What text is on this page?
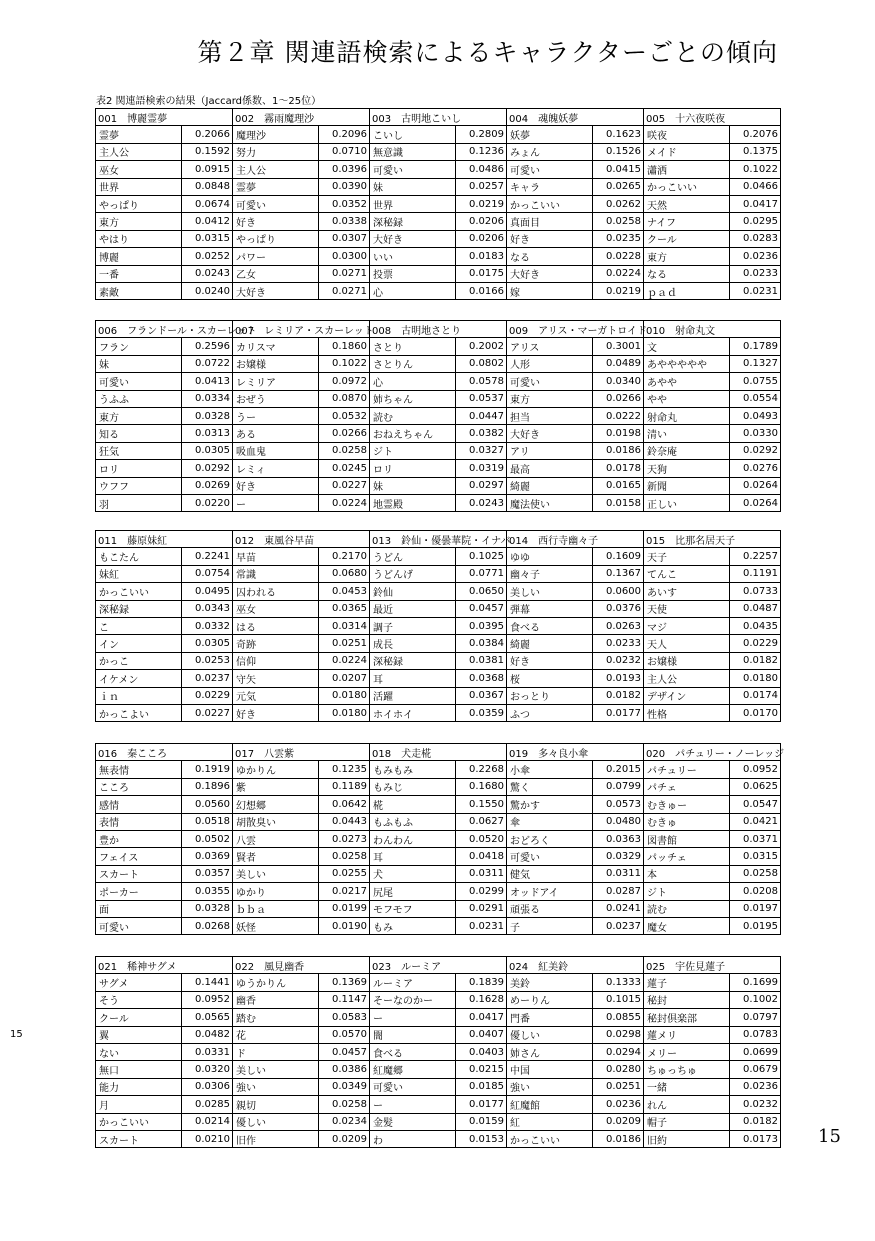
第２章 関連語検索によるキャラクターごとの傾向
表2 関連語検索の結果（Jaccard係数、1～25位）
001　博麗霊夢		002　霧雨魔理沙		003　古明地こいし		004　魂魄妖夢		005　十六夜咲夜	
霊夢	0.2066	魔理沙	0.2096	こいし	0.2809	妖夢	0.1623	咲夜	0.2076
主人公	0.1592	努力	0.0710	無意識	0.1236	みょん	0.1526	メイド	0.1375
巫女	0.0915	主人公	0.0396	可愛い	0.0486	可愛い	0.0415	瀟洒	0.1022
世界	0.0848	霊夢	0.0390	妹	0.0257	キャラ	0.0265	かっこいい	0.0466
やっぱり	0.0674	可愛い	0.0352	世界	0.0219	かっこいい	0.0262	天然	0.0417
東方	0.0412	好き	0.0338	深秘録	0.0206	真面目	0.0258	ナイフ	0.0295
やはり	0.0315	やっぱり	0.0307	大好き	0.0206	好き	0.0235	クール	0.0283
博麗	0.0252	パワー	0.0300	いい	0.0183	なる	0.0228	東方	0.0236
一番	0.0243	乙女	0.0271	投票	0.0175	大好き	0.0224	なる	0.0233
素敵	0.0240	大好き	0.0271	心	0.0166	嫁	0.0219	ｐａｄ	0.0231
006　フランドール・スカーレット		007　レミリア・スカーレット		008　古明地さとり		009　アリス・マーガトロイド		010　射命丸文	
フラン	0.2596	カリスマ	0.1860	さとり	0.2002	アリス	0.3001	文	0.1789
妹	0.0722	お嬢様	0.1022	さとりん	0.0802	人形	0.0489	あややややや	0.1327
可愛い	0.0413	レミリア	0.0972	心	0.0578	可愛い	0.0340	あやや	0.0755
うふふ	0.0334	おぜう	0.0870	姉ちゃん	0.0537	東方	0.0266	やや	0.0554
東方	0.0328	うー	0.0532	読む	0.0447	担当	0.0222	射命丸	0.0493
知る	0.0313	ある	0.0266	おねえちゃん	0.0382	大好き	0.0198	清い	0.0330
狂気	0.0305	吸血鬼	0.0258	ジト	0.0327	アリ	0.0186	鈴奈庵	0.0292
ロリ	0.0292	レミィ	0.0245	ロリ	0.0319	最高	0.0178	天狗	0.0276
ウフフ	0.0269	好き	0.0227	妹	0.0297	綺麗	0.0165	新聞	0.0264
羽	0.0220	ー	0.0224	地霊殿	0.0243	魔法使い	0.0158	正しい	0.0264
011　藤原妹紅		012　東風谷早苗		013　鈴仙・優曇華院・イナバ		014　西行寺幽々子		015　比那名居天子	
もこたん	0.2241	早苗	0.2170	うどん	0.1025	ゆゆ	0.1609	天子	0.2257
妹紅	0.0754	常識	0.0680	うどんげ	0.0771	幽々子	0.1367	てんこ	0.1191
かっこいい	0.0495	囚われる	0.0453	鈴仙	0.0650	美しい	0.0600	あいす	0.0733
深秘録	0.0343	巫女	0.0365	最近	0.0457	弾幕	0.0376	天使	0.0487
こ	0.0332	はる	0.0314	調子	0.0395	食べる	0.0263	マジ	0.0435
イン	0.0305	奇跡	0.0251	成長	0.0384	綺麗	0.0233	天人	0.0229
かっこ	0.0253	信仰	0.0224	深秘録	0.0381	好き	0.0232	お嬢様	0.0182
イケメン	0.0237	守矢	0.0207	耳	0.0368	桜	0.0193	主人公	0.0180
ｉｎ	0.0229	元気	0.0180	活躍	0.0367	おっとり	0.0182	デザイン	0.0174
かっこよい	0.0227	好き	0.0180	ホイホイ	0.0359	ふつ	0.0177	性格	0.0170
016　秦こころ		017　八雲紫		018　犬走椛		019　多々良小傘		020　パチュリー・ノーレッジ	
無表情	0.1919	ゆかりん	0.1235	もみもみ	0.2268	小傘	0.2015	パチュリー	0.0952
こころ	0.1896	紫	0.1189	もみじ	0.1680	驚く	0.0799	パチェ	0.0625
感情	0.0560	幻想郷	0.0642	椛	0.1550	驚かす	0.0573	むきゅー	0.0547
表情	0.0518	胡散臭い	0.0443	もふもふ	0.0627	傘	0.0480	むきゅ	0.0421
豊か	0.0502	八雲	0.0273	わんわん	0.0520	おどろく	0.0363	図書館	0.0371
フェイス	0.0369	賢者	0.0258	耳	0.0418	可愛い	0.0329	パッチェ	0.0315
スカート	0.0357	美しい	0.0255	犬	0.0311	健気	0.0311	本	0.0258
ポーカー	0.0355	ゆかり	0.0217	尻尾	0.0299	オッドアイ	0.0287	ジト	0.0208
面	0.0328	ｂｂａ	0.0199	モフモフ	0.0291	頑張る	0.0241	読む	0.0197
可愛い	0.0268	妖怪	0.0190	もみ	0.0231	子	0.0237	魔女	0.0195
021　稀神サグメ		022　風見幽香		023　ルーミア		024　紅美鈴		025　宇佐見蓮子	
サグメ	0.1441	ゆうかりん	0.1369	ルーミア	0.1839	美鈴	0.1333	蓮子	0.1699
そう	0.0952	幽香	0.1147	そーなのかー	0.1628	めーりん	0.1015	秘封	0.1002
クール	0.0565	踏む	0.0583	ー	0.0417	門番	0.0855	秘封倶楽部	0.0797
翼	0.0482	花	0.0570	闇	0.0407	優しい	0.0298	蓮メリ	0.0783
ない	0.0331	ド	0.0457	食べる	0.0403	姉さん	0.0294	メリー	0.0699
無口	0.0320	美しい	0.0386	紅魔郷	0.0215	中国	0.0280	ちゅっちゅ	0.0679
能力	0.0306	強い	0.0349	可愛い	0.0185	強い	0.0251	一緒	0.0236
月	0.0285	親切	0.0258	ー	0.0177	紅魔館	0.0236	れん	0.0232
かっこいい	0.0214	優しい	0.0234	金髪	0.0159	紅	0.0209	帽子	0.0182
スカート	0.0210	旧作	0.0209	わ	0.0153	かっこいい	0.0186	旧約	0.0173
15
15
